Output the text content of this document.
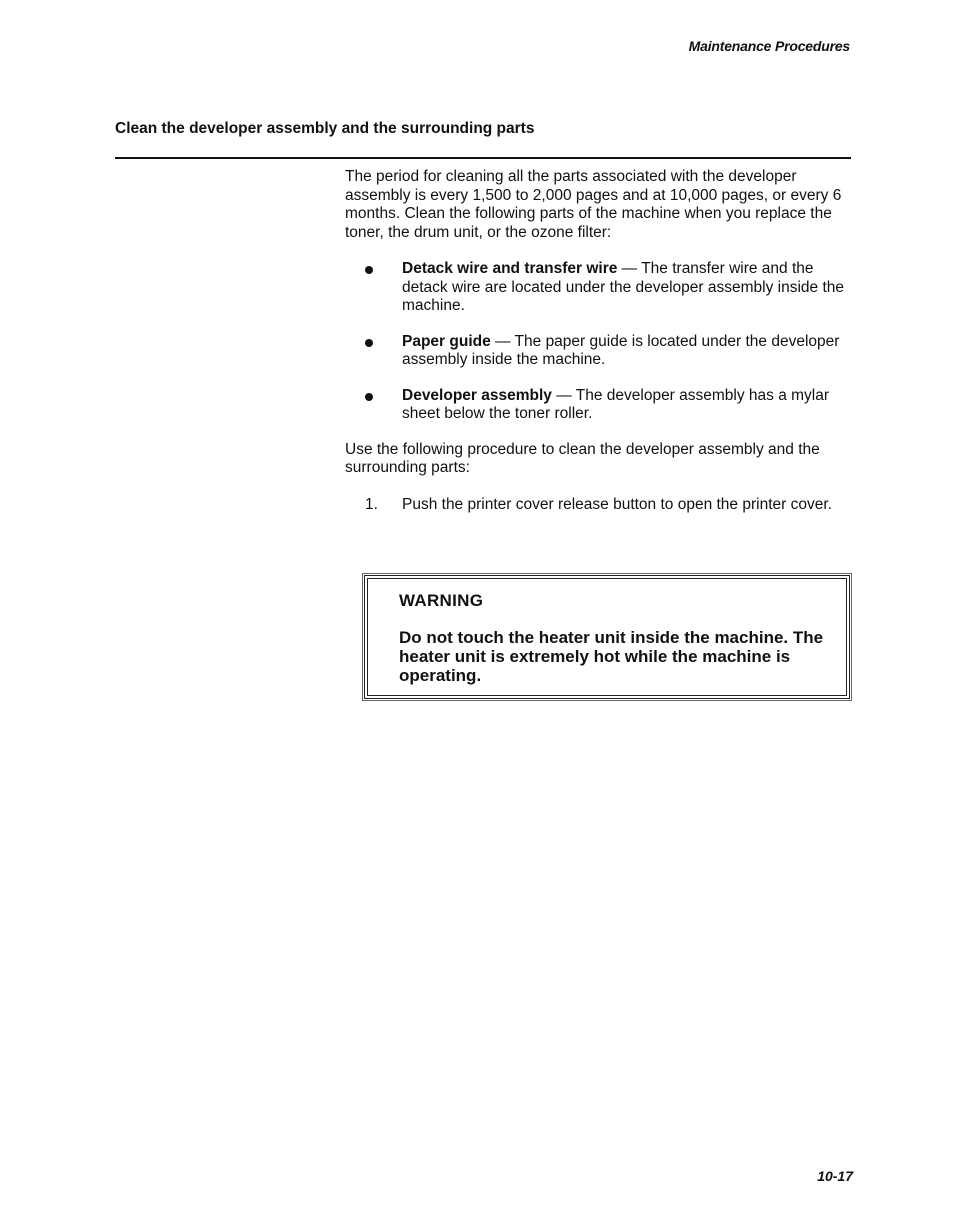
Maintenance Procedures
Clean the developer assembly and the surrounding parts

The period for cleaning all the parts associated with the developer assembly is every 1,500 to 2,000 pages and at 10,000 pages, or every 6 months. Clean the following parts of the machine when you replace the toner, the drum unit, or the ozone filter:

Detack wire and transfer wire — The transfer wire and the detack wire are located under the developer assembly inside the machine.
Paper guide — The paper guide is located under the developer assembly inside the machine.
Developer assembly — The developer assembly has a mylar sheet below the toner roller.

Use the following procedure to clean the developer assembly and the surrounding parts:

1. Push the printer cover release button to open the printer cover.
WARNING

Do not touch the heater unit inside the machine. The heater unit is extremely hot while the machine is operating.

10-17
